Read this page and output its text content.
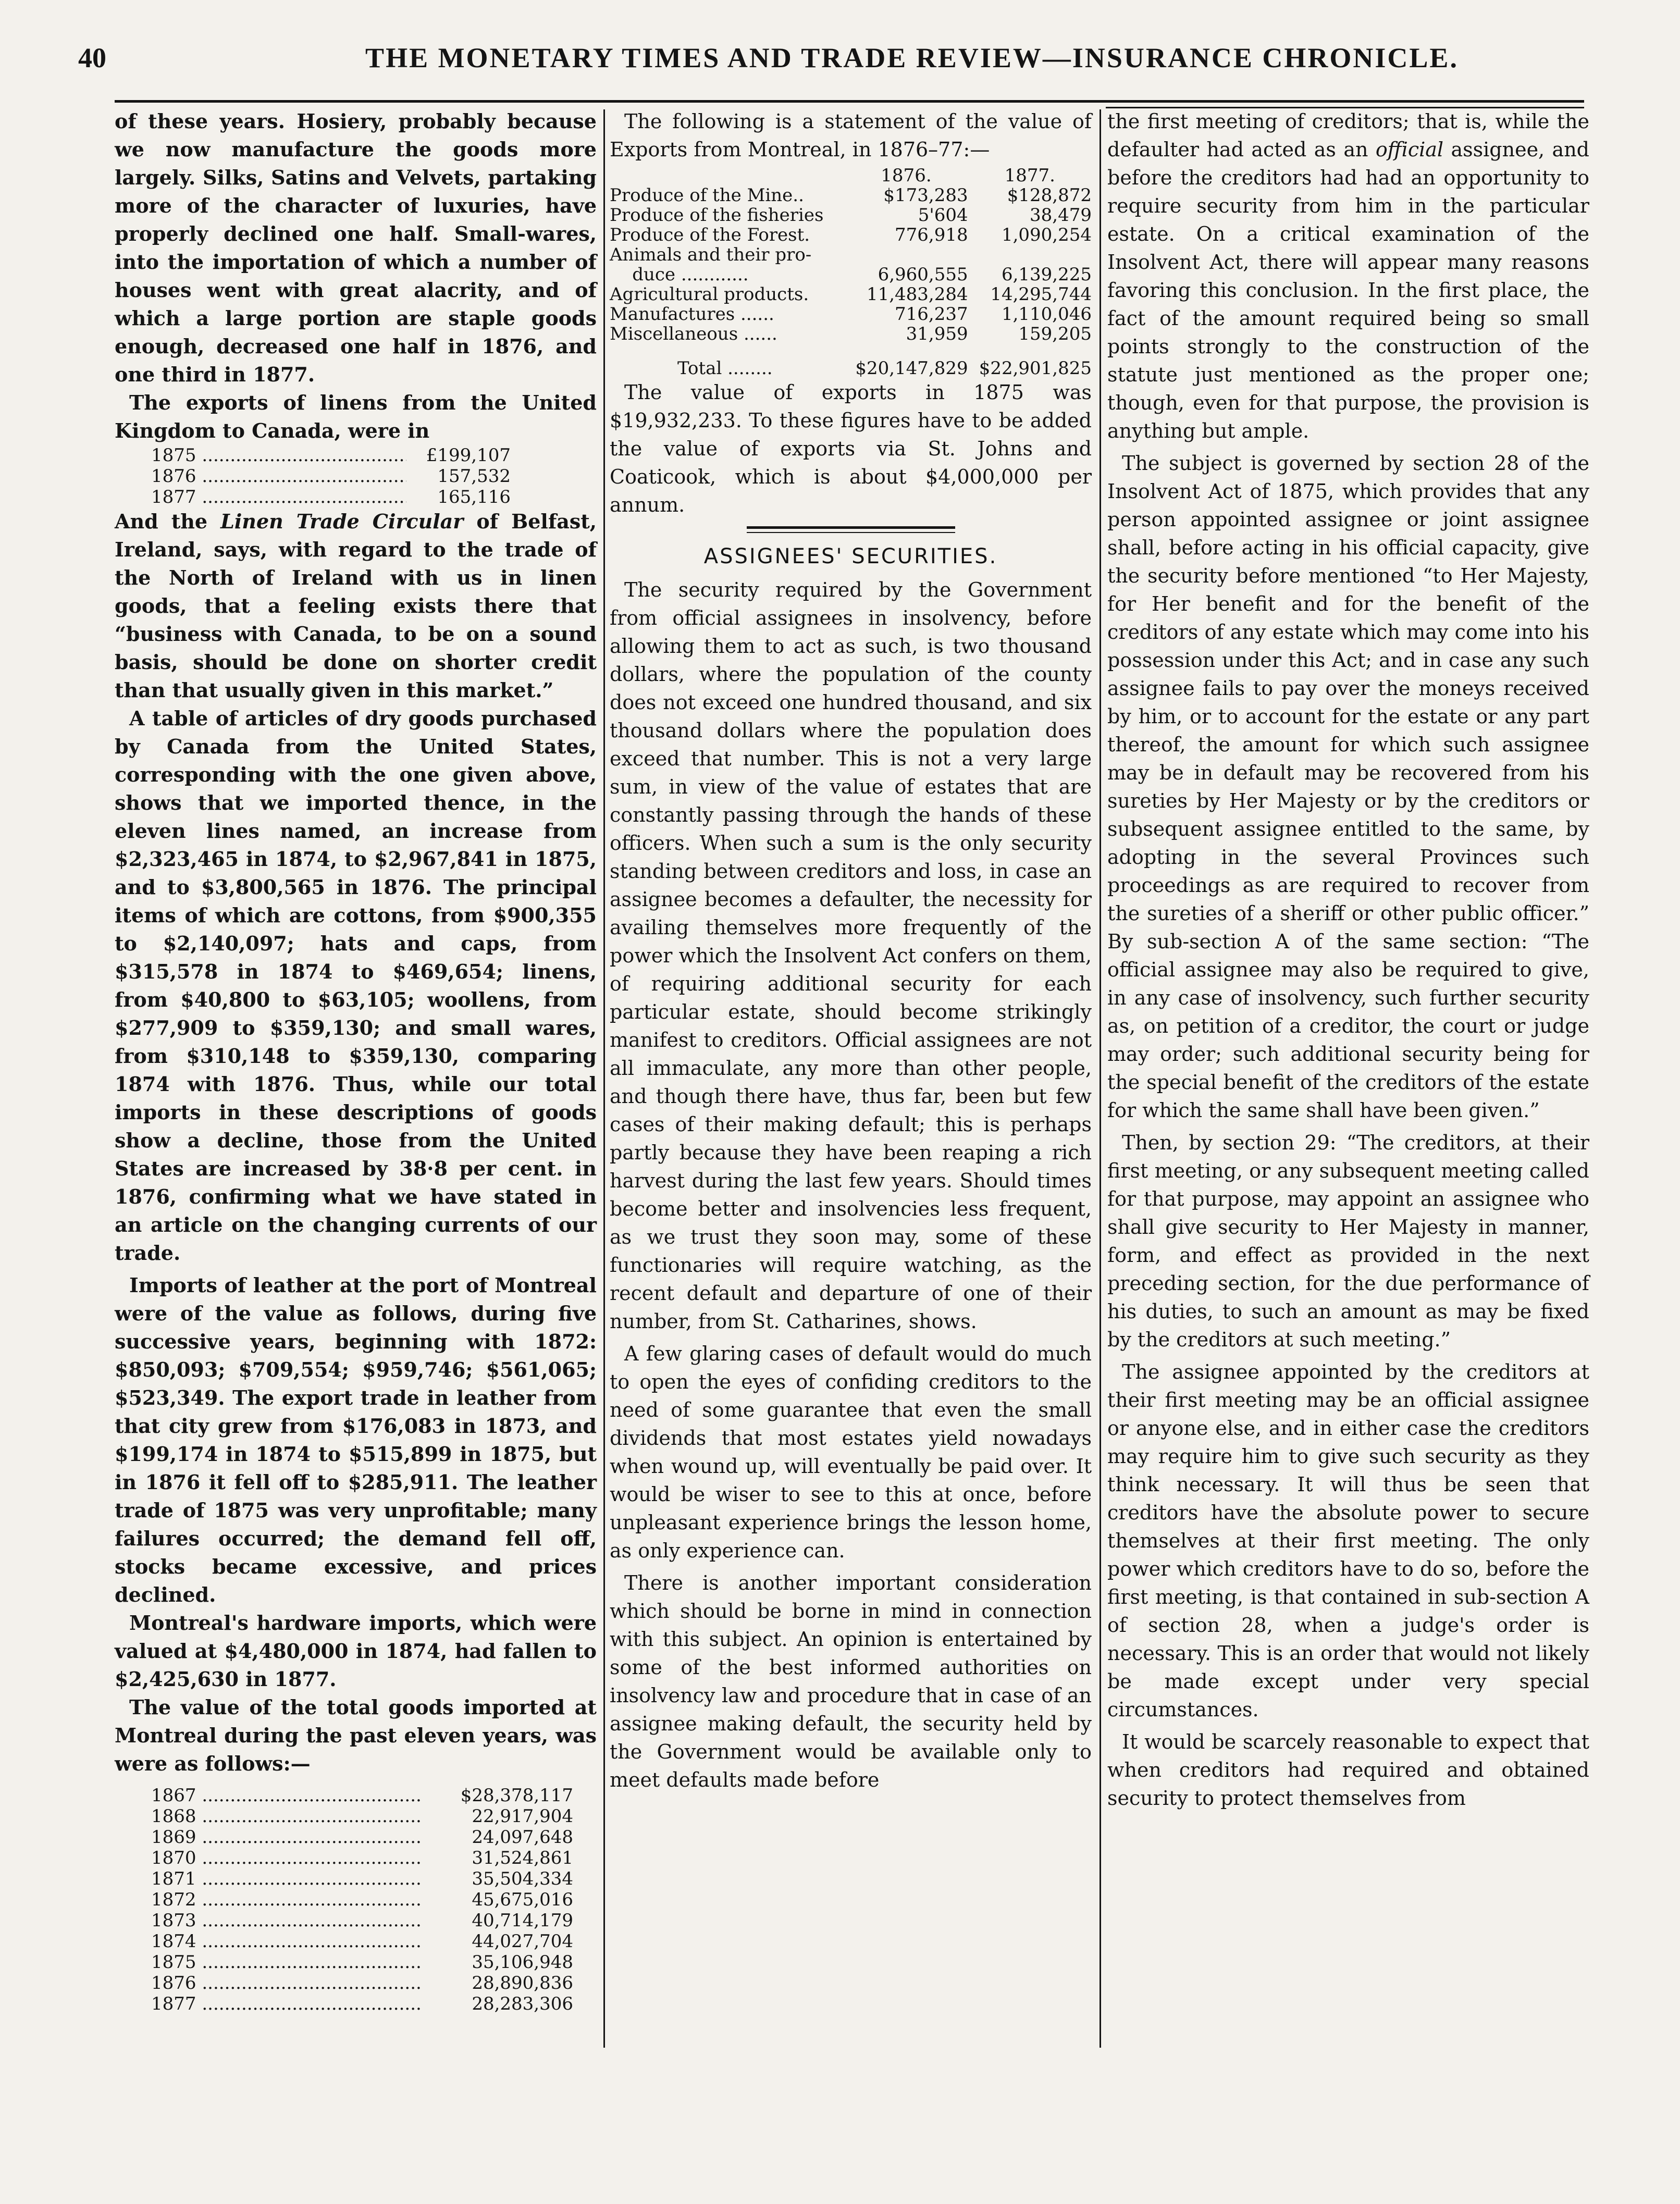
40	THE MONETARY TIMES AND TRADE REVIEW—INSURANCE CHRONICLE.

of these years. Hosiery, probably because we now manufacture the goods more largely. Silks, Satins and Velvets, partaking more of the character of luxuries, have properly declined one half. Small-wares, into the importation of which a number of houses went with great alacrity, and of which a large portion are staple goods enough, decreased one half in 1876, and one third in 1877.

The exports of linens from the United Kingdom to Canada, were in

1875 .....	£199,107
1876 .....	157,532
1877 .....	165,116

And the Linen Trade Circular of Belfast, Ireland, says, with regard to the trade of the North of Ireland with us in linen goods, that a feeling exists there that “business with Canada, to be on a sound basis, should be done on shorter credit than that usually given in this market.”

A table of articles of dry goods purchased by Canada from the United States, corresponding with the one given above, shows that we imported thence, in the eleven lines named, an increase from $2,323,465 in 1874, to $2,967,841 in 1875, and to $3,800,565 in 1876. The principal items of which are cottons, from $900,355 to $2,140,097; hats and caps, from $315,578 in 1874 to $469,654; linens, from $40,800 to $63,105; woollens, from $277,909 to $359,130; and small wares, from $310,148 to $359,130, comparing 1874 with 1876. Thus, while our total imports in these descriptions of goods show a decline, those from the United States are increased by 38·8 per cent. in 1876, confirming what we have stated in an article on the changing currents of our trade.

Imports of leather at the port of Montreal were of the value as follows, during five successive years, beginning with 1872: $850,093; $709,554; $959,746; $561,065; $523,349. The export trade in leather from that city grew from $176,083 in 1873, and $199,174 in 1874 to $515,899 in 1875, but in 1876 it fell off to $285,911. The leather trade of 1875 was very unprofitable; many failures occurred; the demand fell off, stocks became excessive, and prices declined.

Montreal's hardware imports, which were valued at $4,480,000 in 1874, had fallen to $2,425,630 in 1877.

The value of the total goods imported at Montreal during the past eleven years, was were as follows:—

1867 .....	$28,378,117
1868 .....	22,917,904
1869 .....	24,097,648
1870 .....	31,524,861
1871 .....	35,504,334
1872 .....	45,675,016
1873 .....	40,714,179
1874 .....	44,027,704
1875 .....	35,106,948
1876 .....	28,890,836
1877 .....	28,283,306

The following is a statement of the value of Exports from Montreal, in 1876–77:—

	1876.	1877.
Produce of the Mine..	$173,283	$128,872
Produce of the fisheries	5'604	38,479
Produce of the Forest.	776,918	1,090,254
Animals and their pro-		
duce ............	6,960,555	6,139,225
Agricultural products.	11,483,284	14,295,744
Manufactures ......	716,237	1,110,046
Miscellaneous ......	31,959	159,205
Total ........	$20,147,829	$22,901,825

The value of exports in 1875 was $19,932,233. To these figures have to be added the value of exports via St. Johns and Coaticook, which is about $4,000,000 per annum.

ASSIGNEES' SECURITIES.

The security required by the Government from official assignees in insolvency, before allowing them to act as such, is two thousand dollars, where the population of the county does not exceed one hundred thousand, and six thousand dollars where the population does exceed that number. This is not a very large sum, in view of the value of estates that are constantly passing through the hands of these officers. When such a sum is the only security standing between creditors and loss, in case an assignee becomes a defaulter, the necessity for availing themselves more frequently of the power which the Insolvent Act confers on them, of requiring additional security for each particular estate, should become strikingly manifest to creditors. Official assignees are not all immaculate, any more than other people, and though there have, thus far, been but few cases of their making default; this is perhaps partly because they have been reaping a rich harvest during the last few years. Should times become better and insolvencies less frequent, as we trust they soon may, some of these functionaries will require watching, as the recent default and departure of one of their number, from St. Catharines, shows.

A few glaring cases of default would do much to open the eyes of confiding creditors to the need of some guarantee that even the small dividends that most estates yield nowadays when wound up, will eventually be paid over. It would be wiser to see to this at once, before unpleasant experience brings the lesson home, as only experience can.

There is another important consideration which should be borne in mind in connection with this subject. An opinion is entertained by some of the best informed authorities on insolvency law and procedure that in case of an assignee making default, the security held by the Government would be available only to meet defaults made before

the first meeting of creditors; that is, while the defaulter had acted as an official assignee, and before the creditors had had an opportunity to require security from him in the particular estate. On a critical examination of the Insolvent Act, there will appear many reasons favoring this conclusion. In the first place, the fact of the amount required being so small points strongly to the construction of the statute just mentioned as the proper one; though, even for that purpose, the provision is anything but ample.

The subject is governed by section 28 of the Insolvent Act of 1875, which provides that any person appointed assignee or joint assignee shall, before acting in his official capacity, give the security before mentioned “to Her Majesty, for Her benefit and for the benefit of the creditors of any estate which may come into his possession under this Act; and in case any such assignee fails to pay over the moneys received by him, or to account for the estate or any part thereof, the amount for which such assignee may be in default may be recovered from his sureties by Her Majesty or by the creditors or subsequent assignee entitled to the same, by adopting in the several Provinces such proceedings as are required to recover from the sureties of a sheriff or other public officer.” By sub-section A of the same section: “The official assignee may also be required to give, in any case of insolvency, such further security as, on petition of a creditor, the court or judge may order; such additional security being for the special benefit of the creditors of the estate for which the same shall have been given.”

Then, by section 29: “The creditors, at their first meeting, or any subsequent meeting called for that purpose, may appoint an assignee who shall give security to Her Majesty in manner, form, and effect as provided in the next preceding section, for the due performance of his duties, to such an amount as may be fixed by the creditors at such meeting.”

The assignee appointed by the creditors at their first meeting may be an official assignee or anyone else, and in either case the creditors may require him to give such security as they think necessary. It will thus be seen that creditors have the absolute power to secure themselves at their first meeting. The only power which creditors have to do so, before the first meeting, is that contained in sub-section A of section 28, when a judge's order is necessary. This is an order that would not likely be made except under very special circumstances.

It would be scarcely reasonable to expect that when creditors had required and obtained security to protect themselves from
